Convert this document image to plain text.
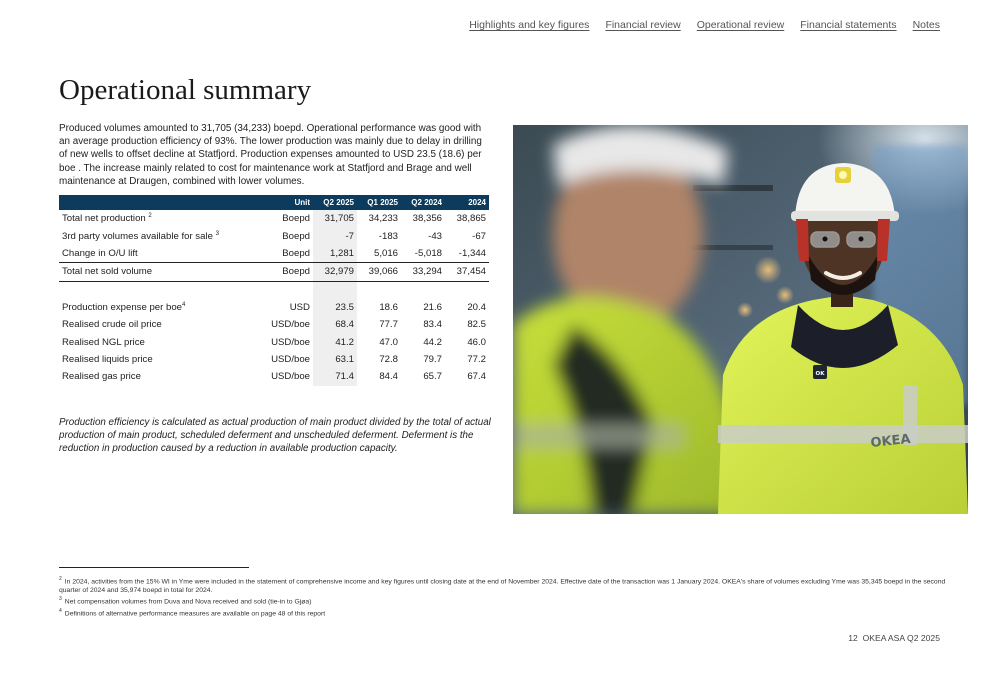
Highlights and key figures Financial review Operational review Financial statements Notes
Operational summary

Produced volumes amounted to 31,705 (34,233) boepd. Operational performance was good with an average production efficiency of 93%. The lower production was mainly due to delay in drilling of new wells to offset decline at Statfjord. Production expenses amounted to USD 23.5 (18.6) per boe . The increase mainly related to cost for maintenance work at Statfjord and Brage and well maintenance at Draugen, combined with lower volumes.

	Unit	Q2 2025	Q1 2025	Q2 2024	2024
Total net production $^2$	Boepd	31,705	34,233	38,356	38,865
3rd party volumes available for sale $^3$	Boepd	-7	-183	-43	-67
Change in O/U lift	Boepd	1,281	5,016	-5,018	-1,344
Total net sold volume	Boepd	32,979	39,066	33,294	37,454

Production expense per boe$^4$	USD	23.5	18.6	21.6	20.4
Realised crude oil price	USD/boe	68.4	77.7	83.4	82.5
Realised NGL price	USD/boe	41.2	47.0	44.2	46.0
Realised liquids price	USD/boe	63.1	72.8	79.7	77.2
Realised gas price	USD/boe	71.4	84.4	65.7	67.4

Production efficiency is calculated as actual production of main product divided by the total of actual production of main product, scheduled deferment and unscheduled deferment. Deferment is the reduction in production caused by a reduction in available production capacity.

OK
OKEA

$^2$ In 2024, activities from the 15% WI in Yme were included in the statement of comprehensive income and key figures until closing date at the end of November 2024. Effective date of the transaction was 1 January 2024. OKEA's share of volumes excluding Yme was 35,345 boepd in the second quarter of 2024 and 35,974 boepd in total for 2024.

$^3$ Net compensation volumes from Duva and Nova received and sold (tie-in to Gjøa)

$^4$ Definitions of alternative performance measures are available on page 48 of this report

12 OKEA ASA Q2 2025
